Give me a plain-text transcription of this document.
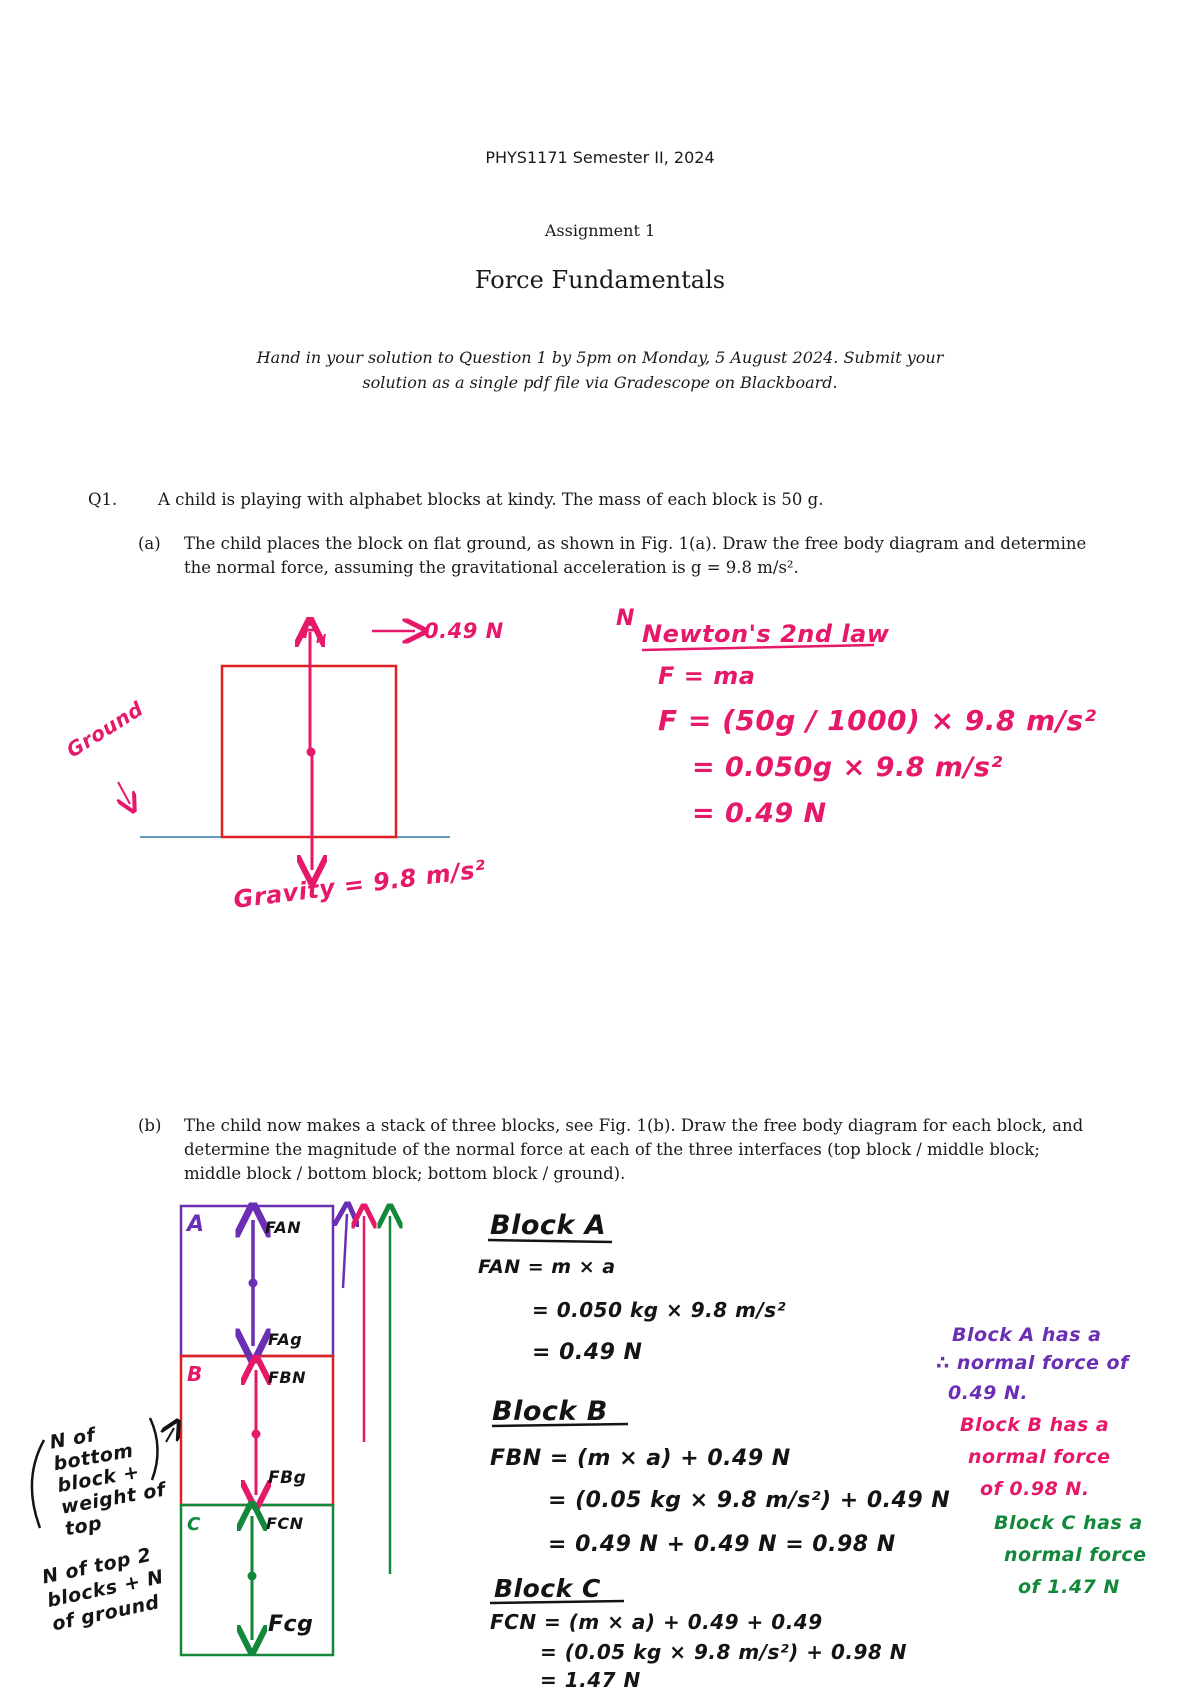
PHYS1171 Semester II, 2024
Assignment 1
Force Fundamentals
Hand in your solution to Question 1 by 5pm on Monday, 5 August 2024. Submit your
solution as a single pdf file via Gradescope on Blackboard.
Q1. A child is playing with alphabet blocks at kindy. The mass of each block is 50 g.
(a) The child places the block on flat ground, as shown in Fig. 1(a). Draw the free body diagram and determine
the normal force, assuming the gravitational acceleration is g = 9.8 m/s².
(b) The child now makes a stack of three blocks, see Fig. 1(b). Draw the free body diagram for each block, and
determine the magnitude of the normal force at each of the three interfaces (top block / middle block;
middle block / bottom block; bottom block / ground).
$F_N$	0.49 N
Ground
Gravity = 9.8 m/s²
N
Newton's 2nd law
F = ma
F = (50g / 1000) × 9.8 m/s²
= 0.050g × 9.8 m/s²
= 0.49 N
A
B
C
FAN
FAg
FBN
FBg
FCN
Fcg
Block A
FAN = m × a
= 0.050 kg × 9.8 m/s²
= 0.49 N
Block B
FBN = (m × a) + 0.49 N
= (0.05 kg × 9.8 m/s²) + 0.49 N
= 0.49 N + 0.49 N = 0.98 N
Block C
FCN = (m × a) + 0.49 + 0.49
= (0.05 kg × 9.8 m/s²) + 0.98 N
= 1.47 N
N of bottom block + weight of top
N of top 2 blocks + N of ground
Block A has a
∴ normal force of
0.49 N.
Block B has a
normal force
of 0.98 N.
Block C has a
normal force
of 1.47 N
